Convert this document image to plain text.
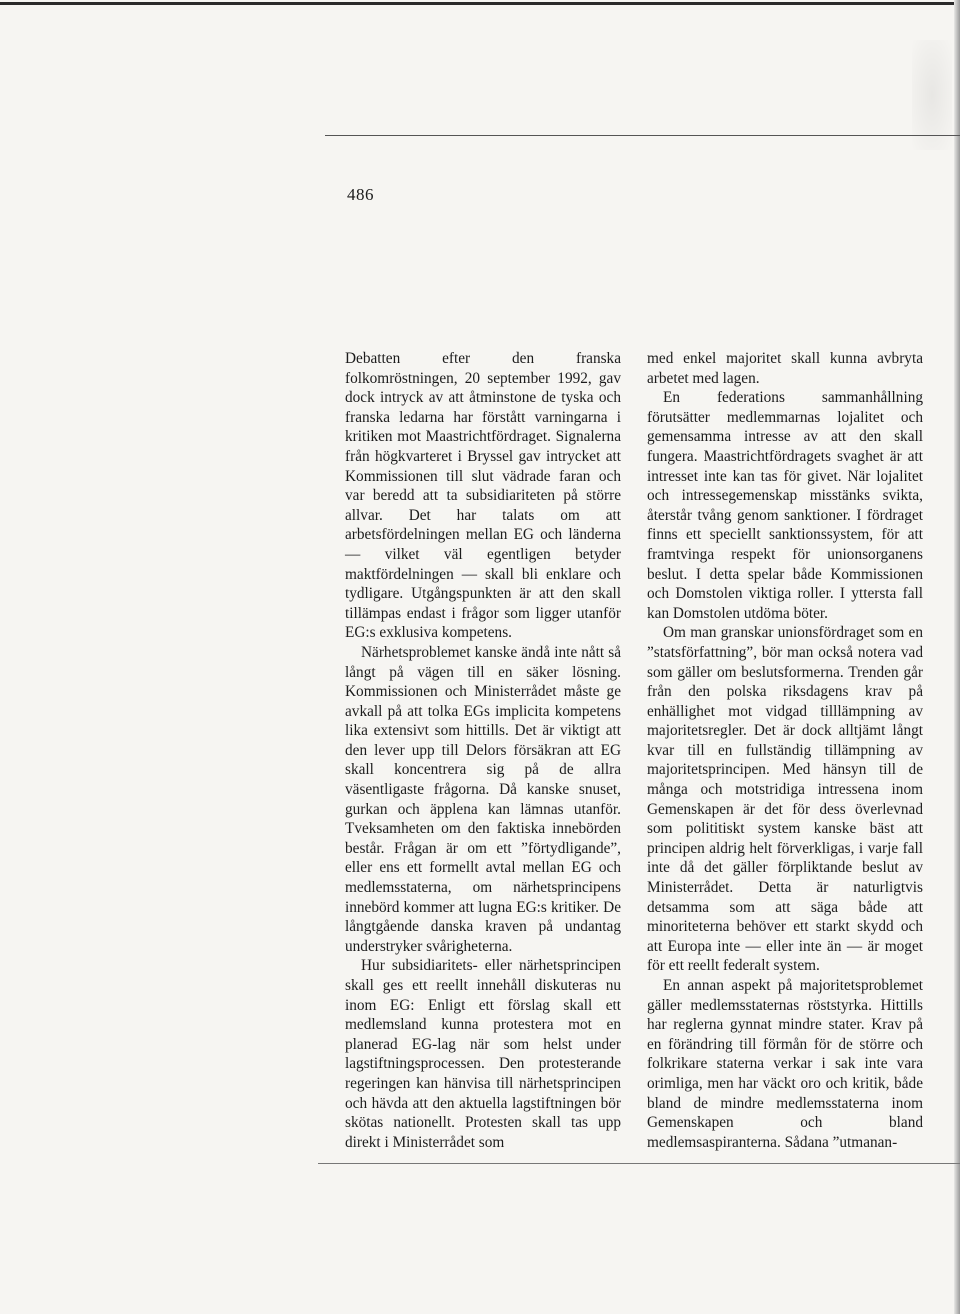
486

Debatten efter den franska folkomröstningen, 20 september 1992, gav dock intryck av att åtminstone de tyska och franska ledarna har förstått varningarna i kritiken mot Maastrichtfördraget. Signalerna från högkvarteret i Bryssel gav intrycket att Kommissionen till slut vädrade faran och var beredd att ta subsidiariteten på större allvar. Det har talats om att arbetsfördelningen mellan EG och länderna — vilket väl egentligen betyder maktfördelningen — skall bli enklare och tydligare. Utgångspunkten är att den skall tillämpas endast i frågor som ligger utanför EG:s exklusiva kompetens.

Närhetsproblemet kanske ändå inte nått så långt på vägen till en säker lösning. Kommissionen och Ministerrådet måste ge avkall på att tolka EGs implicita kompetens lika extensivt som hittills. Det är viktigt att den lever upp till Delors försäkran att EG skall koncentrera sig på de allra väsentligaste frågorna. Då kanske snuset, gurkan och äpplena kan lämnas utanför. Tveksamheten om den faktiska innebörden består. Frågan är om ett ”förtydligande”, eller ens ett formellt avtal mellan EG och medlemsstaterna, om närhetsprincipens innebörd kommer att lugna EG:s kritiker. De långtgående danska kraven på undantag understryker svårigheterna.

Hur subsidiaritets- eller närhetsprincipen skall ges ett reellt innehåll diskuteras nu inom EG: Enligt ett förslag skall ett medlemsland kunna protestera mot en planerad EG-lag när som helst under lagstiftningsprocessen. Den protesterande regeringen kan hänvisa till närhetsprincipen och hävda att den aktuella lagstiftningen bör skötas nationellt. Protesten skall tas upp direkt i Ministerrådet som

med enkel majoritet skall kunna avbryta arbetet med lagen.

En federations sammanhållning förutsätter medlemmarnas lojalitet och gemensamma intresse av att den skall fungera. Maastrichtfördragets svaghet är att intresset inte kan tas för givet. När lojalitet och intressegemenskap misstänks svikta, återstår tvång genom sanktioner. I fördraget finns ett speciellt sanktionssystem, för att framtvinga respekt för unionsorganens beslut. I detta spelar både Kommissionen och Domstolen viktiga roller. I yttersta fall kan Domstolen utdöma böter.

Om man granskar unionsfördraget som en ”statsförfattning”, bör man också notera vad som gäller om beslutsformerna. Trenden går från den polska riksdagens krav på enhällighet mot vidgad tilllämpning av majoritetsregler. Det är dock alltjämt långt kvar till en fullständig tillämpning av majoritetsprincipen. Med hänsyn till de många och motstridiga intressena inom Gemenskapen är det för dess överlevnad som polititiskt system kanske bäst att principen aldrig helt förverkligas, i varje fall inte då det gäller förpliktande beslut av Ministerrådet. Detta är naturligtvis detsamma som att säga både att minoriteterna behöver ett starkt skydd och att Europa inte — eller inte än — är moget för ett reellt federalt system.

En annan aspekt på majoritetsproblemet gäller medlemsstaternas röststyrka. Hittills har reglerna gynnat mindre stater. Krav på en förändring till förmån för de större och folkrikare staterna verkar i sak inte vara orimliga, men har väckt oro och kritik, både bland de mindre medlemsstaterna inom Gemenskapen och bland medlemsaspiranterna. Sådana ”utmanan-
